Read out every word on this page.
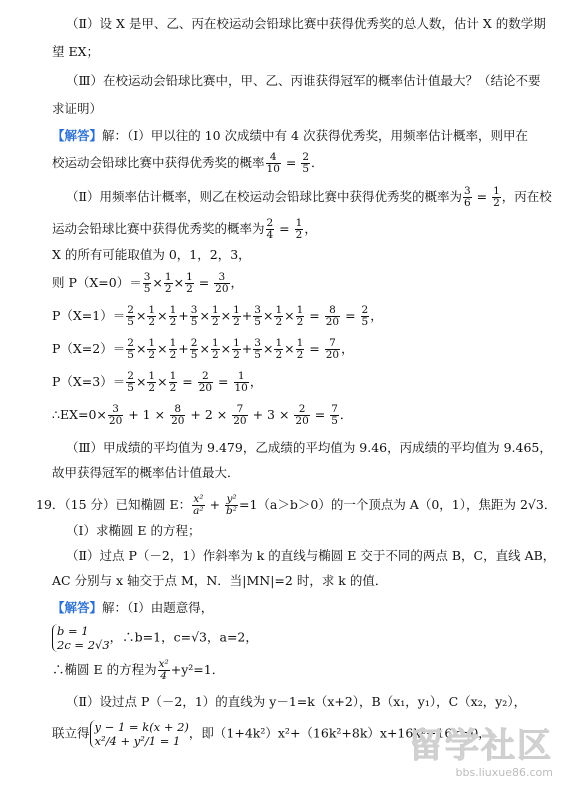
（Ⅱ）设 X 是甲、乙、丙在校运动会铅球比赛中获得优秀奖的总人数，估计 X 的数学期
望 EX；
（Ⅲ）在校运动会铅球比赛中，甲、乙、丙谁获得冠军的概率估计值最大？（结论不要
求证明）
【解答】解：（Ⅰ）甲以往的 10 次成绩中有 4 次获得优秀奖，用频率估计概率，则甲在
校运动会铅球比赛中获得优秀奖的概率 $\frac{4}{10} = \frac{2}{5}$ ．
（Ⅱ）用频率估计概率，则乙在校运动会铅球比赛中获得优秀奖的概率为 $\frac{3}{6} = \frac{1}{2}$ ，丙在校
运动会铅球比赛中获得优秀奖的概率为 $\frac{2}{4} = \frac{1}{2}$ ，
X 的所有可能取值为 0，1，2，3，
则 $P(X=0)= \frac{3}{5} \times \frac{1}{2} \times \frac{1}{2} = \frac{3}{20}$ ，
$P(X=1)= \frac{2}{5} \times \frac{1}{2} \times \frac{1}{2} + \frac{3}{5} \times \frac{1}{2} \times \frac{1}{2} + \frac{3}{5} \times \frac{1}{2} \times \frac{1}{2} = \frac{8}{20} = \frac{2}{5}$ ，
$P(X=2)= \frac{2}{5} \times \frac{1}{2} \times \frac{1}{2} + \frac{2}{5} \times \frac{1}{2} \times \frac{1}{2} + \frac{3}{5} \times \frac{1}{2} \times \frac{1}{2} = \frac{7}{20}$ ，
$P(X=3)= \frac{2}{5} \times \frac{1}{2} \times \frac{1}{2} = \frac{2}{20} = \frac{1}{10}$ ，
∴EX=0× $\frac{3}{20} + 1 \times \frac{8}{20} + 2 \times \frac{7}{20} + 3 \times \frac{2}{20} = \frac{7}{5}$ ．
（Ⅲ）甲成绩的平均值为 9.479，乙成绩的平均值为 9.46，丙成绩的平均值为 9.465，
故甲获得冠军的概率估计值最大．
19．（15 分）已知椭圆 E： $\frac{\text{x²}}{\text{a²}} + \frac{\text{y²}}{\text{b²}} =1(a>b>0)$的一个顶点为 A（0，1），焦距为 2√3．
（Ⅰ）求椭圆 E 的方程；
（Ⅱ）过点 P（－2，1）作斜率为 k 的直线与椭圆 E 交于不同的两点 B，C，直线 AB，
AC 分别与 x 轴交于点 M，N．当|MN|=2 时，求 k 的值．
【解答】解：（Ⅰ）由题意得，
b = 1
2c = 2√3
，∴b=1，c=√3，a=2，
∴椭圆 E 的方程为 $\frac{\text{x²}}{4} +y^2=1$．
（Ⅱ）设过点 P（－2，1）的直线为 y－1=k（x+2），B（x₁，y₁），C（x₂，y₂），
联立得 y − 1 = k(x + 2)
x²/4 + y²/1 = 1
，即（1+4k²）x²+（16k²+8k）x+16k²+16k=0，
留学社区
bbs.liuxue86.com
